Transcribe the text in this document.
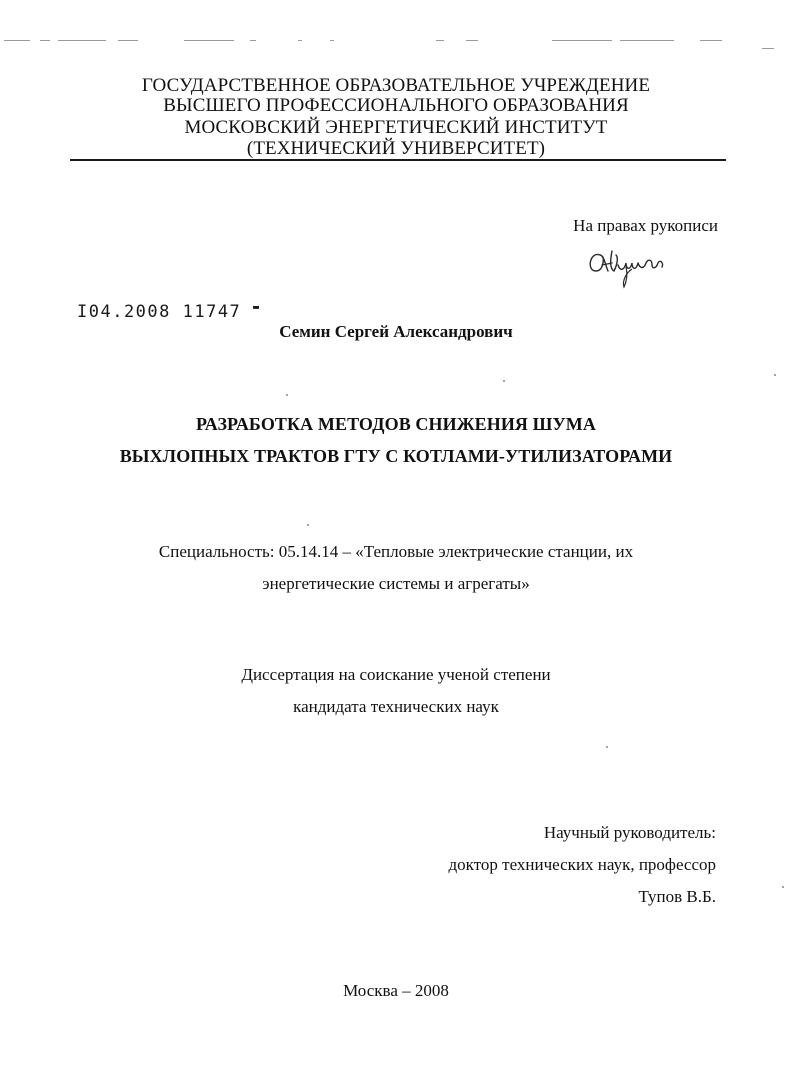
ГОСУДАРСТВЕННОЕ ОБРАЗОВАТЕЛЬНОЕ УЧРЕЖДЕНИЕ
ВЫСШЕГО ПРОФЕССИОНАЛЬНОГО ОБРАЗОВАНИЯ
МОСКОВСКИЙ ЭНЕРГЕТИЧЕСКИЙ ИНСТИТУТ
(ТЕХНИЧЕСКИЙ УНИВЕРСИТЕТ)
На правах рукописи
І04.2008 11747 ▬
Семин Сергей Александрович
РАЗРАБОТКА МЕТОДОВ СНИЖЕНИЯ ШУМА
ВЫХЛОПНЫХ ТРАКТОВ ГТУ С КОТЛАМИ-УТИЛИЗАТОРАМИ
Специальность: 05.14.14 – «Тепловые электрические станции, их
энергетические системы и агрегаты»
Диссертация на соискание ученой степени
кандидата технических наук
Научный руководитель:
доктор технических наук, профессор
Тупов В.Б.
Москва – 2008
